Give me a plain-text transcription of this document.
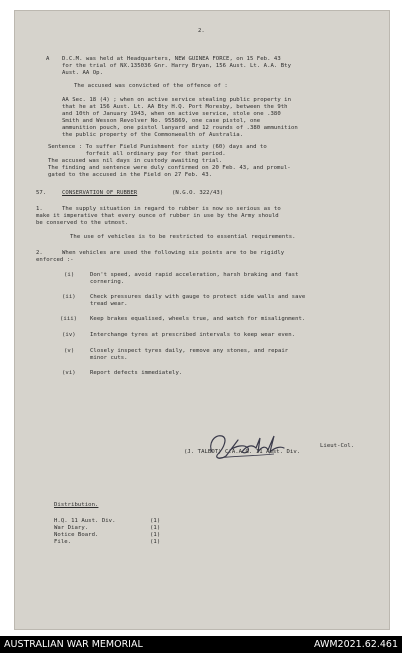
2.
A D.C.M. was held at Headquarters, NEW GUINEA FORCE, on 15 Feb. 43
for the trial of NX.135036 Gnr. Harry Bryan, 156 Aust. Lt. A.A. Bty
Aust. AA Op.
The accused was convicted of the offence of :
AA Sec. 18 (4) ; when on active service stealing public property in
that he at 156 Aust. Lt. AA Bty H.Q. Port Moresby, between the 9th
and 10th of January 1943, when on active service, stole one .380
Smith and Wesson Revolver No. 955869, one case pistol, one
ammunition pouch, one pistol lanyard and 12 rounds of .380 ammunition
the public property of the Commonwealth of Australia.
Sentence : To suffer Field Punishment for sixty (60) days and to
forfeit all ordinary pay for that period.
The accused was nil days in custody awaiting trial.
The finding and sentence were duly confirmed on 20 Feb. 43, and promul-
gated to the accused in the Field on 27 Feb. 43.
57.	CONSERVATION OF RUBBER	(N.G.O. 322/43)
1.	The supply situation in regard to rubber is now so serious as to
make it imperative that every ounce of rubber in use by the Army should
be conserved to the utmost.
The use of vehicles is to be restricted to essential requirements.
2.	When vehicles are used the following six points are to be rigidly
enforced :-
(i)	Don't speed, avoid rapid acceleration, harsh braking and fast
cornering.
(ii)	Check pressures daily with gauge to protect side walls and save
tread wear.
(iii) Keep brakes equalised, wheels true, and watch for misalignment.
(iv)	Interchange tyres at prescribed intervals to keep wear even.
(v)	Closely inspect tyres daily, remove any stones, and repair
minor cuts.
(vi)	Report defects immediately.
Lieut-Col.
(J. TALBOT) C.A.A.G. 11 Aust. Div.
Distribution.
H.Q. 11 Aust. Div.	(1)
War Diary.	(1)
Notice Board.	(1)
File.	(1)
AUSTRALIAN WAR MEMORIAL	AWM2021.62.461
